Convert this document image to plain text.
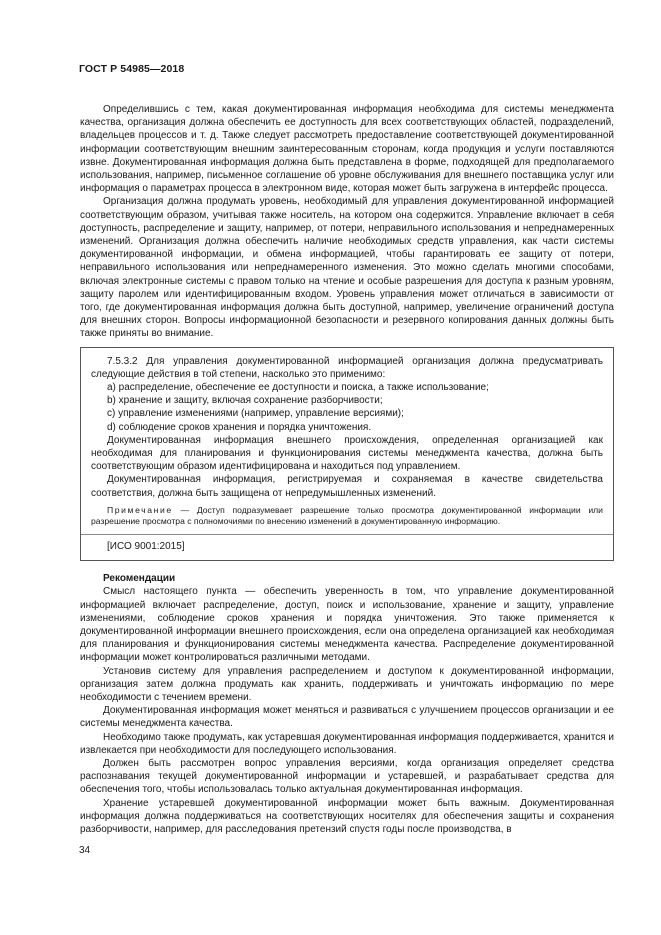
ГОСТ Р 54985—2018

Определившись с тем, какая документированная информация необходима для системы менеджмента качества, организация должна обеспечить ее доступность для всех соответствующих областей, подразделений, владельцев процессов и т. д. Также следует рассмотреть предоставление соответствующей документированной информации соответствующим внешним заинтересованным сторонам, когда продукция и услуги поставляются извне. Документированная информация должна быть представлена в форме, подходящей для предполагаемого использования, например, письменное соглашение об уровне обслуживания для внешнего поставщика услуг или информация о параметрах процесса в электронном виде, которая может быть загружена в интерфейс процесса.

Организация должна продумать уровень, необходимый для управления документированной информацией соответствующим образом, учитывая также носитель, на котором она содержится. Управление включает в себя доступность, распределение и защиту, например, от потери, неправильного использования и непреднамеренных изменений. Организация должна обеспечить наличие необходимых средств управления, как части системы документированной информации, и обмена информацией, чтобы гарантировать ее защиту от потери, неправильного использования или непреднамеренного изменения. Это можно сделать многими способами, включая электронные системы с правом только на чтение и особые разрешения для доступа к разным уровням, защиту паролем или идентифицированным входом. Уровень управления может отличаться в зависимости от того, где документированная информация должна быть доступной, например, увеличение ограничений доступа для внешних сторон. Вопросы информационной безопасности и резервного копирования данных должны быть также приняты во внимание.

7.5.3.2 Для управления документированной информацией организация должна предусматривать следующие действия в той степени, насколько это применимо:

a) распределение, обеспечение ее доступности и поиска, а также использование;

b) хранение и защиту, включая сохранение разборчивости;

c) управление изменениями (например, управление версиями);

d) соблюдение сроков хранения и порядка уничтожения.

Документированная информация внешнего происхождения, определенная организацией как необходимая для планирования и функционирования системы менеджмента качества, должна быть соответствующим образом идентифицирована и находиться под управлением.

Документированная информация, регистрируемая и сохраняемая в качестве свидетельства соответствия, должна быть защищена от непредумышленных изменений.

Примечание — Доступ подразумевает разрешение только просмотра документированной информации или разрешение просмотра с полномочиями по внесению изменений в документированную информацию.

[ИСО 9001:2015]

Рекомендации

Смысл настоящего пункта — обеспечить уверенность в том, что управление документированной информацией включает распределение, доступ, поиск и использование, хранение и защиту, управление изменениями, соблюдение сроков хранения и порядка уничтожения. Это также применяется к документированной информации внешнего происхождения, если она определена организацией как необходимая для планирования и функционирования системы менеджмента качества. Распределение документированной информации может контролироваться различными методами.

Установив систему для управления распределением и доступом к документированной информации, организация затем должна продумать как хранить, поддерживать и уничтожать информацию по мере необходимости с течением времени.

Документированная информация может меняться и развиваться с улучшением процессов организации и ее системы менеджмента качества.

Необходимо также продумать, как устаревшая документированная информация поддерживается, хранится и извлекается при необходимости для последующего использования.

Должен быть рассмотрен вопрос управления версиями, когда организация определяет средства распознавания текущей документированной информации и устаревшей, и разрабатывает средства для обеспечения того, чтобы использовалась только актуальная документированная информация.

Хранение устаревшей документированной информации может быть важным. Документированная информация должна поддерживаться на соответствующих носителях для обеспечения защиты и сохранения разборчивости, например, для расследования претензий спустя годы после производства, в

34
